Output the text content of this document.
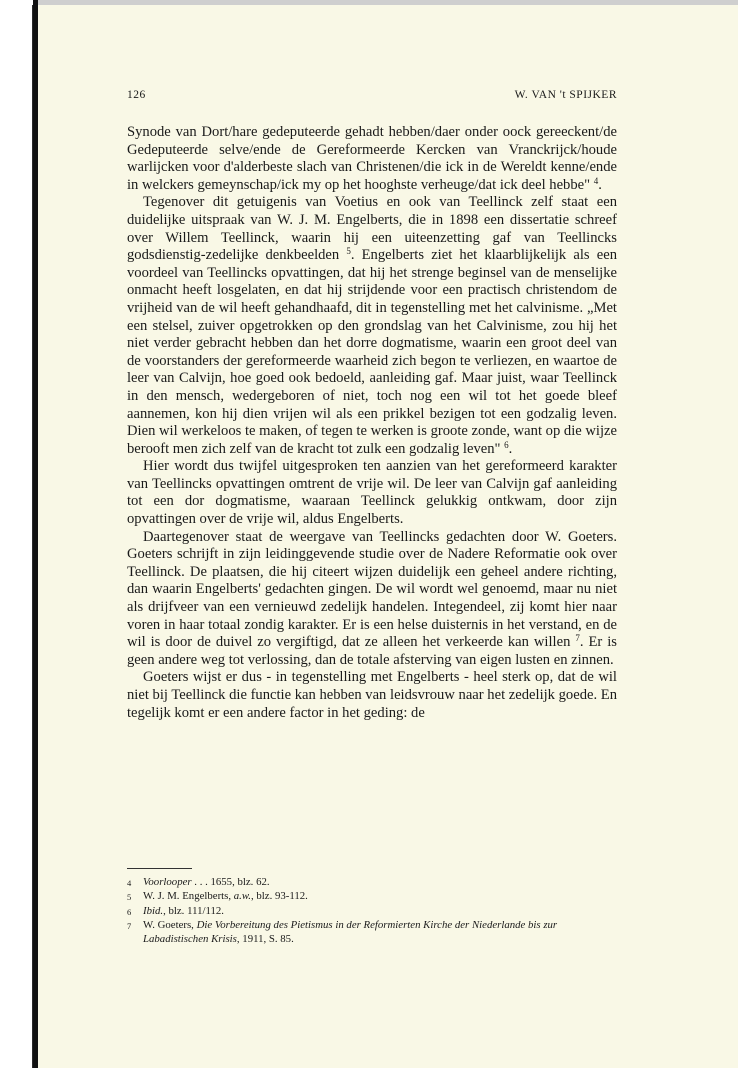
126	W. VAN 't SPIJKER

Synode van Dort/hare gedeputeerde gehadt hebben/daer onder oock gereeckent/de Gedeputeerde selve/ende de Gereformeerde Kercken van Vranckrijck/houde warlijcken voor d'alderbeste slach van Christenen/die ick in de Wereldt kenne/ende in welckers gemeynschap/ick my op het hooghste verheuge/dat ick deel hebbe" $^4$.

Tegenover dit getuigenis van Voetius en ook van Teellinck zelf staat een duidelijke uitspraak van W. J. M. Engelberts, die in 1898 een dissertatie schreef over Willem Teellinck, waarin hij een uiteenzetting gaf van Teellincks godsdienstig-zedelijke denkbeelden $^5$. Engelberts ziet het klaarblijkelijk als een voordeel van Teellincks opvattingen, dat hij het strenge beginsel van de menselijke onmacht heeft losgelaten, en dat hij strijdende voor een practisch christendom de vrijheid van de wil heeft gehandhaafd, dit in tegenstelling met het calvinisme. „Met een stelsel, zuiver opgetrokken op den grondslag van het Calvinisme, zou hij het niet verder gebracht hebben dan het dorre dogmatisme, waarin een groot deel van de voorstanders der gereformeerde waarheid zich begon te verliezen, en waartoe de leer van Calvijn, hoe goed ook bedoeld, aanleiding gaf. Maar juist, waar Teellinck in den mensch, wedergeboren of niet, toch nog een wil tot het goede bleef aannemen, kon hij dien vrijen wil als een prikkel bezigen tot een godzalig leven. Dien wil werkeloos te maken, of tegen te werken is groote zonde, want op die wijze berooft men zich zelf van de kracht tot zulk een godzalig leven" $^6$.

Hier wordt dus twijfel uitgesproken ten aanzien van het gereformeerd karakter van Teellincks opvattingen omtrent de vrije wil. De leer van Calvijn gaf aanleiding tot een dor dogmatisme, waaraan Teellinck gelukkig ontkwam, door zijn opvattingen over de vrije wil, aldus Engelberts.

Daartegenover staat de weergave van Teellincks gedachten door W. Goeters. Goeters schrijft in zijn leidinggevende studie over de Nadere Reformatie ook over Teellinck. De plaatsen, die hij citeert wijzen duidelijk een geheel andere richting, dan waarin Engelberts' gedachten gingen. De wil wordt wel genoemd, maar nu niet als drijfveer van een vernieuwd zedelijk handelen. Integendeel, zij komt hier naar voren in haar totaal zondig karakter. Er is een helse duisternis in het verstand, en de wil is door de duivel zo vergiftigd, dat ze alleen het verkeerde kan willen $^7$. Er is geen andere weg tot verlossing, dan de totale afsterving van eigen lusten en zinnen.

Goeters wijst er dus - in tegenstelling met Engelberts - heel sterk op, dat de wil niet bij Teellinck die functie kan hebben van leidsvrouw naar het zedelijk goede. En tegelijk komt er een andere factor in het geding: de

4	Voorlooper . . . 1655, blz. 62.
5	W. J. M. Engelberts, a.w., blz. 93-112.
6	Ibid., blz. 111/112.
7	W. Goeters, Die Vorbereitung des Pietismus in der Reformierten Kirche der Niederlande bis zur Labadistischen Krisis, 1911, S. 85.
